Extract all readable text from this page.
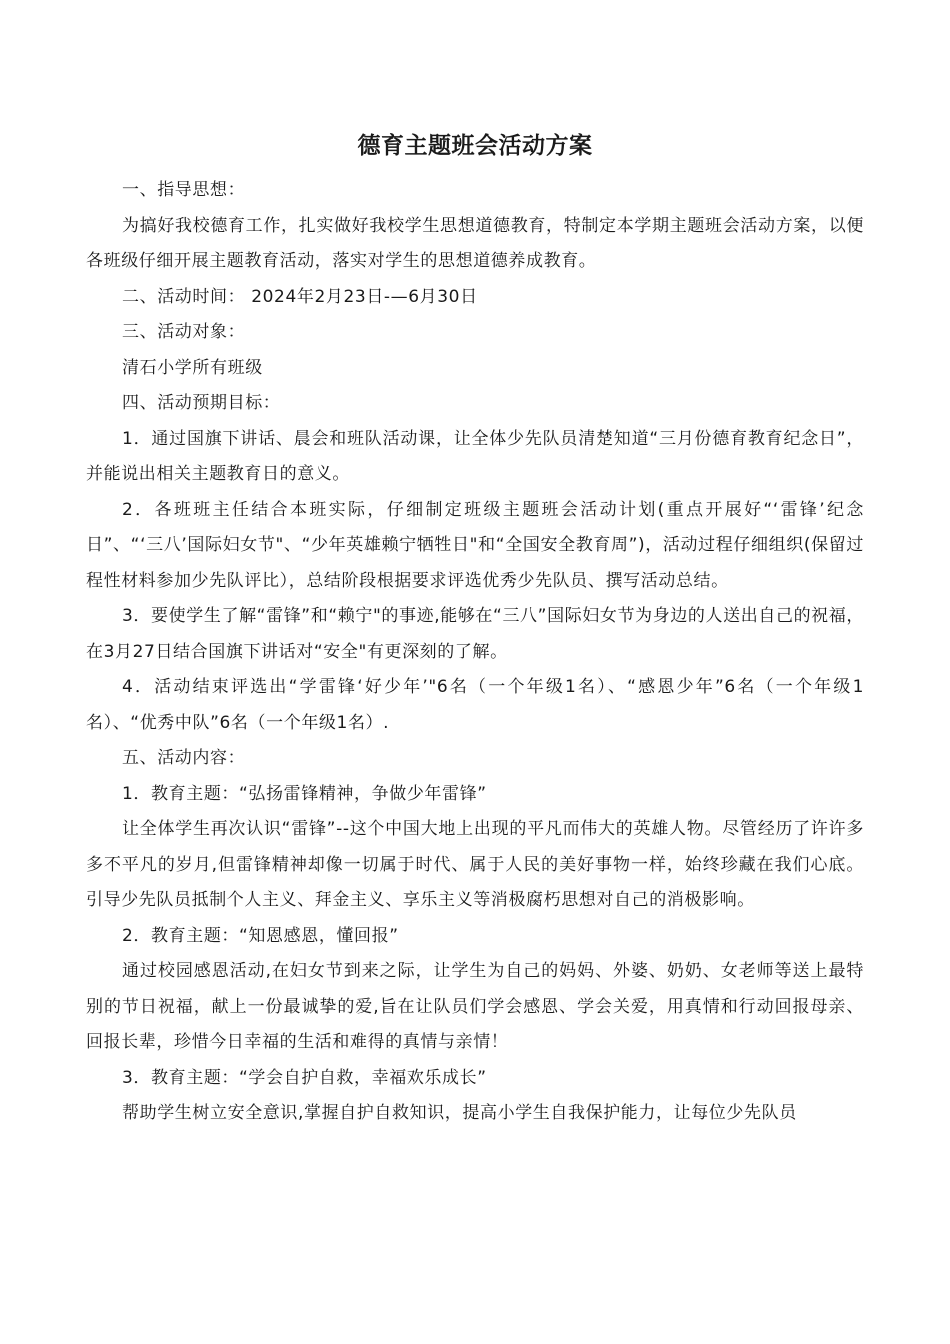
德育主题班会活动方案

一、指导思想：

为搞好我校德育工作，扎实做好我校学生思想道德教育，特制定本学期主题班会活动方案，以便各班级仔细开展主题教育活动，落实对学生的思想道德养成教育。

二、活动时间： 2024年2月23日-—6月30日

三、活动对象：

清石小学所有班级

四、活动预期目标：

1．通过国旗下讲话、晨会和班队活动课，让全体少先队员清楚知道“三月份德育教育纪念日”，并能说出相关主题教育日的意义。

2．各班班主任结合本班实际，仔细制定班级主题班会活动计划(重点开展好“‘雷锋’纪念日”、“‘三八’国际妇女节"、“少年英雄赖宁牺牲日"和“全国安全教育周”)，活动过程仔细组织(保留过程性材料参加少先队评比），总结阶段根据要求评选优秀少先队员、撰写活动总结。

3．要使学生了解“雷锋”和“赖宁"的事迹,能够在“三八”国际妇女节为身边的人送出自己的祝福，在3月27日结合国旗下讲话对“安全"有更深刻的了解。

4．活动结束评选出“学雷锋‘好少年’"6名（一个年级1名）、“感恩少年”6名（一个年级1名）、“优秀中队”6名（一个年级1名）.

五、活动内容：

1．教育主题：“弘扬雷锋精神，争做少年雷锋”

让全体学生再次认识“雷锋”--这个中国大地上出现的平凡而伟大的英雄人物。尽管经历了许许多多不平凡的岁月,但雷锋精神却像一切属于时代、属于人民的美好事物一样，始终珍藏在我们心底。引导少先队员抵制个人主义、拜金主义、享乐主义等消极腐朽思想对自己的消极影响。

2．教育主题：“知恩感恩，懂回报”

通过校园感恩活动,在妇女节到来之际，让学生为自己的妈妈、外婆、奶奶、女老师等送上最特别的节日祝福，献上一份最诚挚的爱,旨在让队员们学会感恩、学会关爱，用真情和行动回报母亲、回报长辈，珍惜今日幸福的生活和难得的真情与亲情！

3．教育主题：“学会自护自救，幸福欢乐成长”

帮助学生树立安全意识,掌握自护自救知识，提高小学生自我保护能力，让每位少先队员
